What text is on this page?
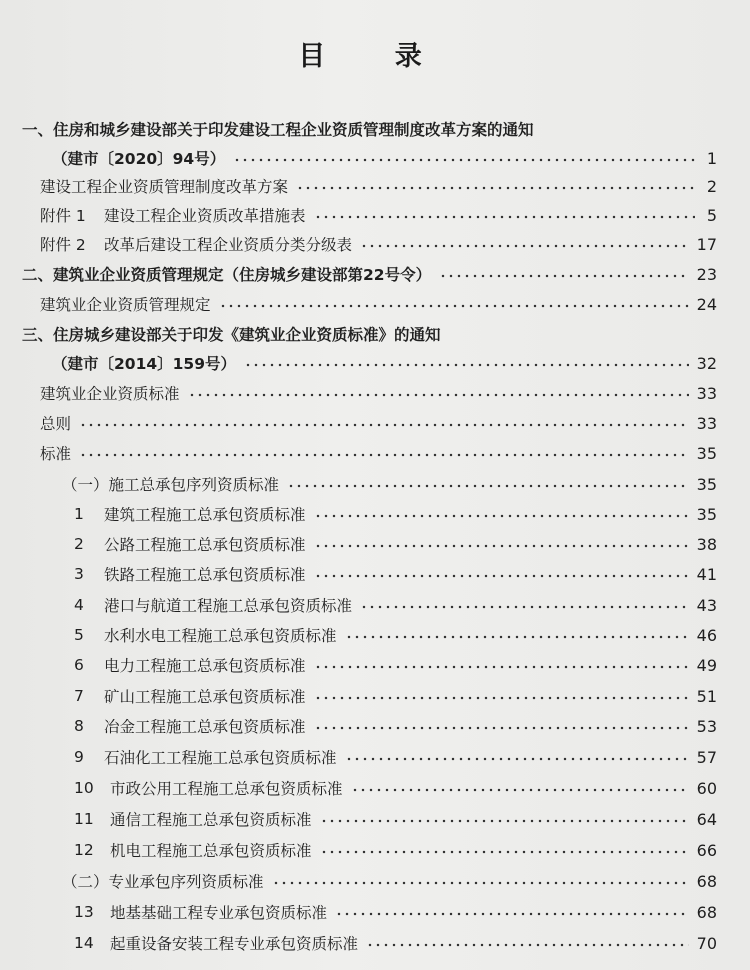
目 录
一、住房和城乡建设部关于印发建设工程企业资质管理制度改革方案的通知
（建市〔2020〕94号）	1
建设工程企业资质管理制度改革方案	2
附件 1	建设工程企业资质改革措施表	5
附件 2	改革后建设工程企业资质分类分级表	17
二、建筑业企业资质管理规定（住房城乡建设部第22号令）	23
建筑业企业资质管理规定	24
三、住房城乡建设部关于印发《建筑业企业资质标准》的通知
（建市〔2014〕159号）	32
建筑业企业资质标准	33
总则	33
标准	35
（一）施工总承包序列资质标准	35
1	建筑工程施工总承包资质标准	35
2	公路工程施工总承包资质标准	38
3	铁路工程施工总承包资质标准	41
4	港口与航道工程施工总承包资质标准	43
5	水利水电工程施工总承包资质标准	46
6	电力工程施工总承包资质标准	49
7	矿山工程施工总承包资质标准	51
8	冶金工程施工总承包资质标准	53
9	石油化工工程施工总承包资质标准	57
10	市政公用工程施工总承包资质标准	60
11	通信工程施工总承包资质标准	64
12	机电工程施工总承包资质标准	66
（二）专业承包序列资质标准	68
13	地基基础工程专业承包资质标准	68
14	起重设备安装工程专业承包资质标准	70
